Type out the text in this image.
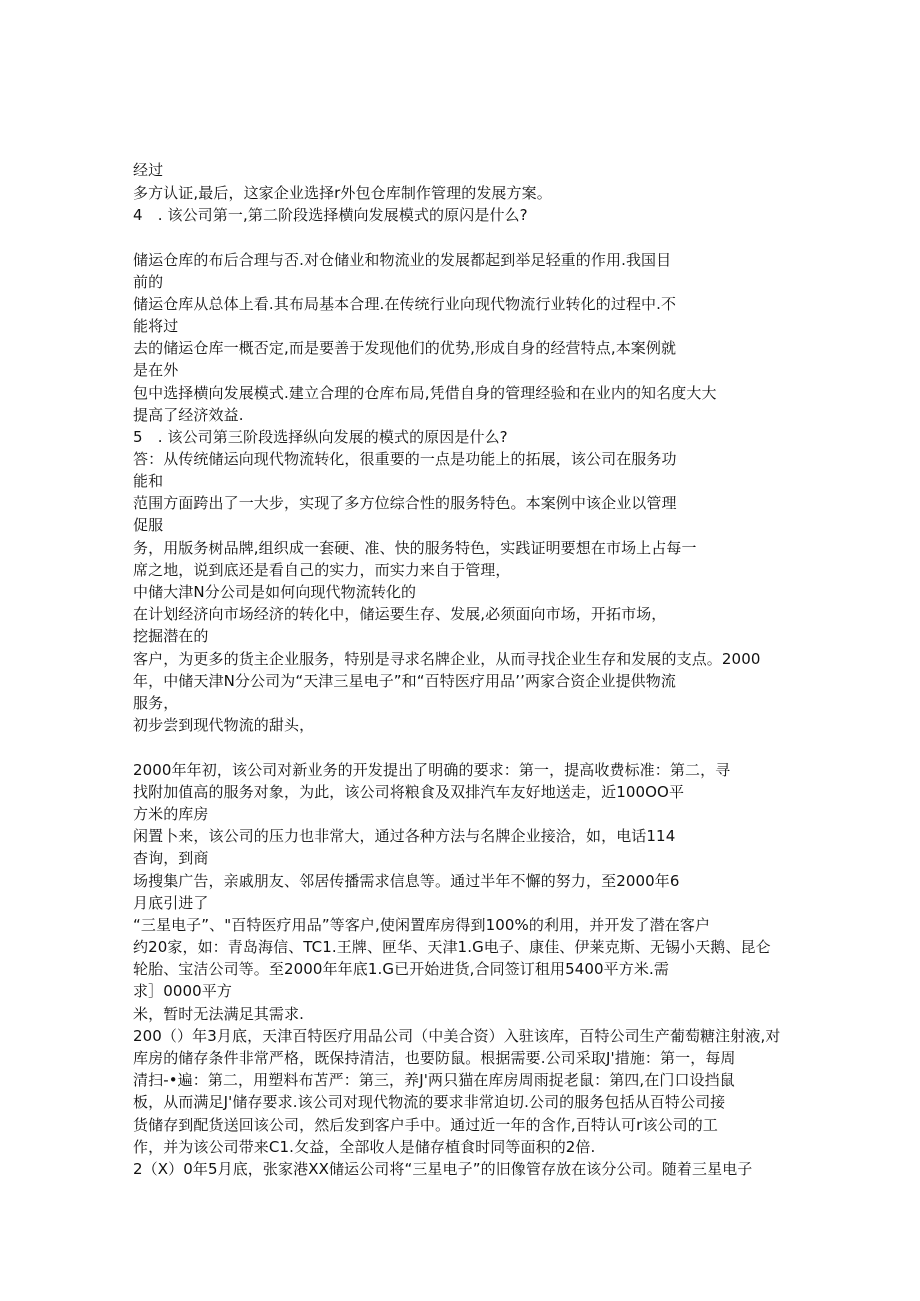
经过

多方认证,最后，这家企业选择r外包仓库制作管理的发展方案。

4　. 该公司第一,第二阶段选择横向发展模式的原闪是什么?

储运仓库的布后合理与否.对仓储业和物流业的发展都起到举足轻重的作用.我国目

前的

储运仓库从总体上看.其布局基本合理.在传统行业向现代物流行业转化的过程中.不

能将过

去的储运仓库一概否定,而是要善于发现他们的优势,形成自身的经营特点,本案例就

是在外

包中选择横向发展模式.建立合理的仓库布局,凭借自身的管理经验和在业内的知名度大大

提高了经济效益.

5　. 该公司第三阶段选择纵向发展的模式的原因是什么?

答：从传统储运向现代物流转化，很重要的一点是功能上的拓展，该公司在服务功

能和

范围方面跨出了一大步，实现了多方位综合性的服务特色。本案例中该企业以管理

促服

务，用版务树品牌,组织成一套硬、准、快的服务特色，实践证明要想在市场上占每一

席之地，说到底还是看自己的实力，而实力来自于管理，

中储大津N分公司是如何向现代物流转化的

在计划经济向市场经济的转化中，储运要生存、发展,必须面向市场，开拓市场，

挖掘潜在的

客户，为更多的货主企业服务，特别是寻求名牌企业，从而寻找企业生存和发展的支点。2000

年，中储天津N分公司为“天津三星电子”和“百特医疗用品’’两家合资企业提供物流

服务，

初步尝到现代物流的甜头，

2000年年初，该公司对新业务的开发提出了明确的要求：第一，提高收费标准：第二，寻

找附加值高的服务对象，为此，该公司将粮食及双排汽车友好地送走，近100OO平

方米的库房

闲置卜来，该公司的压力也非常大，通过各种方法与名牌企业接洽，如，电话114

杳询，到商

场搜集广告，亲戚朋友、邻居传播需求信息等。通过半年不懈的努力，至2000年6

月底引进了

“三星电子”、"百特医疗用品”等客户,使闲置库房得到100%的利用，并开发了潜在客户

约20家，如：青岛海信、TC1.王牌、匣华、天津1.G电子、康佳、伊莱克斯、无锡小天鹅、昆仑

轮胎、宝洁公司等。至2000年年底1.G已开始进货,合同签订租用5400平方米.需

求］0000平方

米，暂时无法满足其需求.

200（）年3月底，天津百特医疗用品公司（中美合资）入驻该库，百特公司生产葡萄糖注射液,对

库房的储存条件非常严格，既保持清洁，也要防鼠。根据需要.公司采取J'措施：第一，每周

清扫-•遍：第二，用塑料布苫严：第三，养J'两只猫在库房周雨捉老鼠：第四,在门口设挡鼠

板，从而满足J'储存要求.该公司对现代物流的要求非常迫切.公司的服务包括从百特公司接

货储存到配货送回该公司，然后发到客户手中。通过近一年的含作,百特认可r该公司的工

作，并为该公司带来C1.攵益，全部收人是储存植食时同等面积的2倍.

2（X）0年5月底，张家港XX储运公司将“三星电子”的旧像管存放在该分公司。随着三星电子
